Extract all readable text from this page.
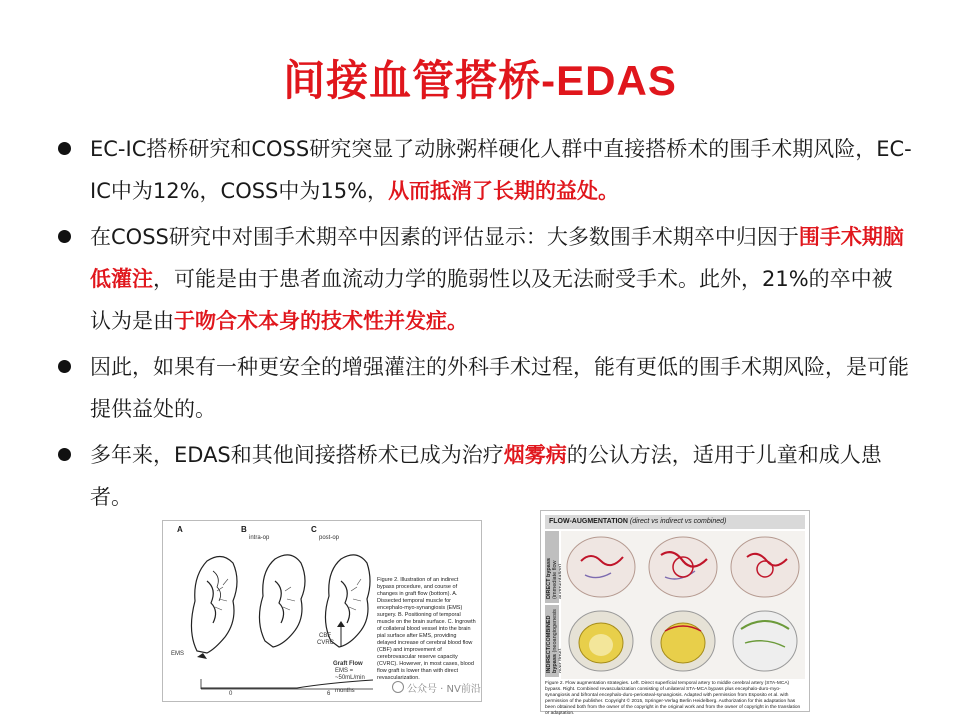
间接血管搭桥-EDAS
EC-IC搭桥研究和COSS研究突显了动脉粥样硬化人群中直接搭桥术的围手术期风险，EC-IC中为12%，COSS中为15%，从而抵消了长期的益处。
在COSS研究中对围手术期卒中因素的评估显示：大多数围手术期卒中归因于围手术期脑低灌注，可能是由于患者血流动力学的脆弱性以及无法耐受手术。此外，21%的卒中被认为是由于吻合术本身的技术性并发症。
因此，如果有一种更安全的增强灌注的外科手术过程，能有更低的围手术期风险，是可能提供益处的。
多年来，EDAS和其他间接搭桥术已成为治疗烟雾病的公认方法，适用于儿童和成人患者。
A	B
intra-op
C
post-op
EMS
CBF
CVRC
Graft Flow
EMS =
~50mL/min
months
0	6
Figure 2. Illustration of an indirect bypass procedure, and course of changes in graft flow (bottom). A. Dissected temporal muscle for encephalo-myo-synangiosis (EMS) surgery. B. Positioning of temporal muscle on the brain surface. C. Ingrowth of collateral blood vessel into the brain pial surface after EMS, providing delayed increase of cerebral blood flow (CBF) and improvement of cerebrovascular reserve capacity (CVRC). However, in most cases, blood flow graft is lower than with direct revascularization.
FLOW-AUGMENTATION (direct vs indirect vs combined)
DIRECT bypass (immediate flow
INDIRECT/COMBINED bypass (neoangiogenesis
Figure 2. Flow augmentation strategies. Left. Direct superficial temporal artery to middle cerebral artery (STA-MCA) bypass. Right. Combined revascularization consisting of unilateral STA-MCA bypass plus encephalo-duro-myo-synangiosis and bifrontal encephalo-duro-periosteal-synangiosis. Adapted with permission from Esposito et al. with permission of the publisher. Copyright © 2015, Springer-Verlag Berlin Heidelberg. Authorization for this adaptation has been obtained both from the owner of the copyright in the original work and from the owner of copyright in the translation or adaptation.

公众号 · NV前沿
